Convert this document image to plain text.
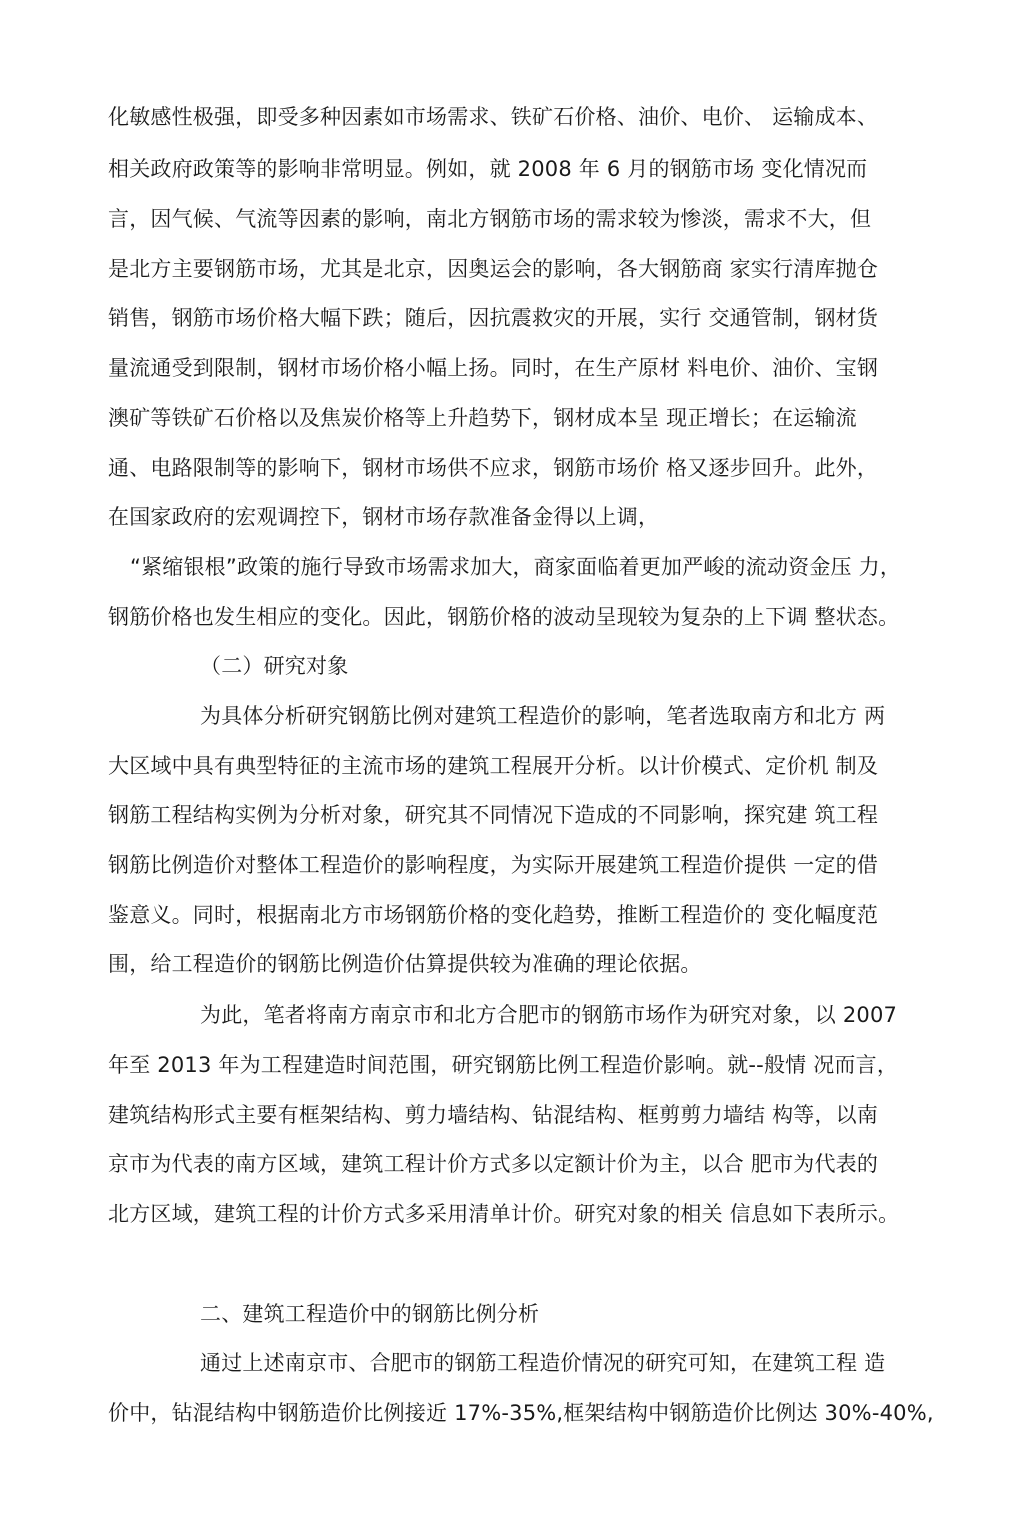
化敏感性极强，即受多种因素如市场需求、铁矿石价格、油价、电价、 运输成本、
相关政府政策等的影响非常明显。例如，就 2008 年 6 月的钢筋市场 变化情况而
言，因气候、气流等因素的影响，南北方钢筋市场的需求较为惨淡，需求不大，但
是北方主要钢筋市场，尤其是北京，因奥运会的影响，各大钢筋商 家实行清库抛仓
销售，钢筋市场价格大幅下跌；随后，因抗震救灾的开展，实行 交通管制，钢材货
量流通受到限制，钢材市场价格小幅上扬。同时，在生产原材 料电价、油价、宝钢
澳矿等铁矿石价格以及焦炭价格等上升趋势下，钢材成本呈 现正增长；在运输流
通、电路限制等的影响下，钢材市场供不应求，钢筋市场价 格又逐步回升。此外，
在国家政府的宏观调控下，钢材市场存款准备金得以上调，
“紧缩银根”政策的施行导致市场需求加大，商家面临着更加严峻的流动资金压 力，
钢筋价格也发生相应的变化。因此，钢筋价格的波动呈现较为复杂的上下调 整状态。
（二）研究对象
为具体分析研究钢筋比例对建筑工程造价的影响，笔者选取南方和北方 两
大区域中具有典型特征的主流市场的建筑工程展开分析。以计价模式、定价机 制及
钢筋工程结构实例为分析对象，研究其不同情况下造成的不同影响，探究建 筑工程
钢筋比例造价对整体工程造价的影响程度，为实际开展建筑工程造价提供 一定的借
鉴意义。同时，根据南北方市场钢筋价格的变化趋势，推断工程造价的 变化幅度范
围，给工程造价的钢筋比例造价估算提供较为准确的理论依据。
为此，笔者将南方南京市和北方合肥市的钢筋市场作为研究对象，以 2007
年至 2013 年为工程建造时间范围，研究钢筋比例工程造价影响。就--般情 况而言，
建筑结构形式主要有框架结构、剪力墙结构、钻混结构、框剪剪力墙结 构等，以南
京市为代表的南方区域，建筑工程计价方式多以定额计价为主，以合 肥市为代表的
北方区域，建筑工程的计价方式多采用清单计价。研究对象的相关 信息如下表所示。
二、建筑工程造价中的钢筋比例分析
通过上述南京市、合肥市的钢筋工程造价情况的研究可知，在建筑工程 造
价中，钻混结构中钢筋造价比例接近 17%-35%,框架结构中钢筋造价比例达 30%-40%,
